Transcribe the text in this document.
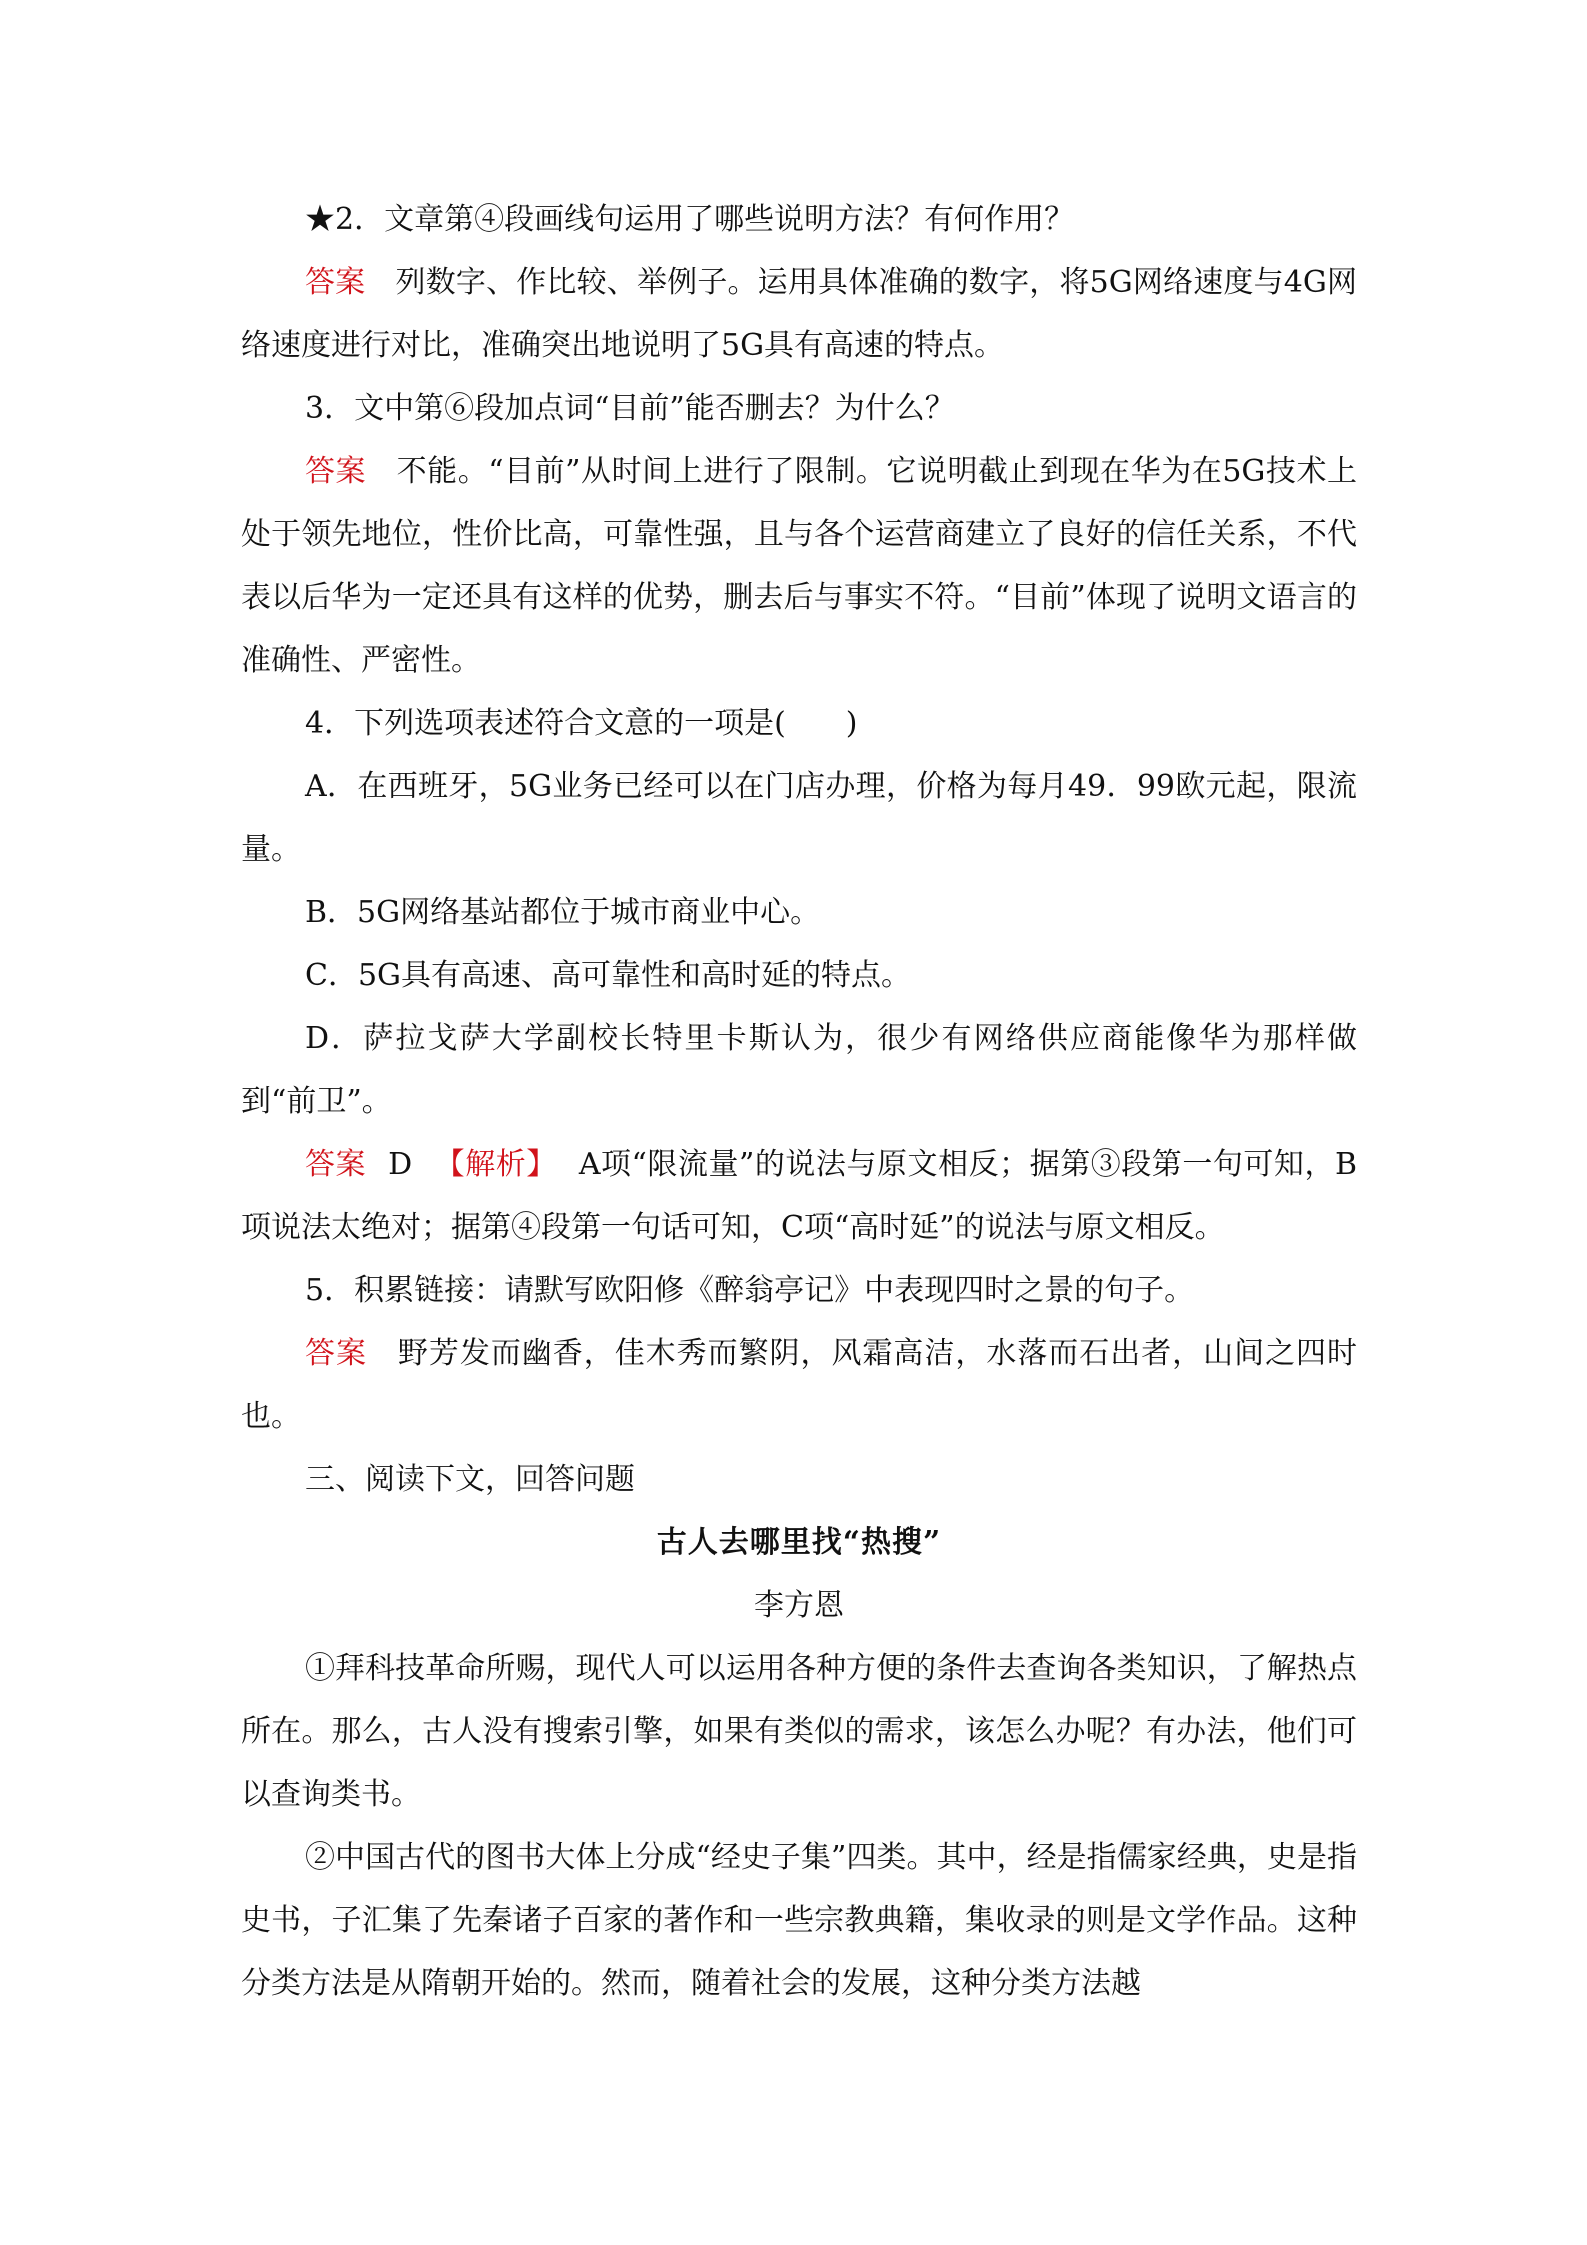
★2．文章第④段画线句运用了哪些说明方法？有何作用？

答案 列数字、作比较、举例子。运用具体准确的数字，将5G网络速度与4G网络速度进行对比，准确突出地说明了5G具有高速的特点。

3．文中第⑥段加点词“目前”能否删去？为什么？

答案 不能。“目前”从时间上进行了限制。它说明截止到现在华为在5G技术上处于领先地位，性价比高，可靠性强，且与各个运营商建立了良好的信任关系，不代表以后华为一定还具有这样的优势，删去后与事实不符。“目前”体现了说明文语言的准确性、严密性。

4．下列选项表述符合文意的一项是( )

A．在西班牙，5G业务已经可以在门店办理，价格为每月49．99欧元起，限流量。

B．5G网络基站都位于城市商业中心。

C．5G具有高速、高可靠性和高时延的特点。

D．萨拉戈萨大学副校长特里卡斯认为，很少有网络供应商能像华为那样做到“前卫”。

答案 D 【解析】 A项“限流量”的说法与原文相反；据第③段第一句可知，B项说法太绝对；据第④段第一句话可知，C项“高时延”的说法与原文相反。

5．积累链接：请默写欧阳修《醉翁亭记》中表现四时之景的句子。

答案 野芳发而幽香，佳木秀而繁阴，风霜高洁，水落而石出者，山间之四时也。

三、阅读下文，回答问题

古人去哪里找“热搜”

李方恩

①拜科技革命所赐，现代人可以运用各种方便的条件去查询各类知识，了解热点所在。那么，古人没有搜索引擎，如果有类似的需求，该怎么办呢？有办法，他们可以查询类书。

②中国古代的图书大体上分成“经史子集”四类。其中，经是指儒家经典，史是指史书，子汇集了先秦诸子百家的著作和一些宗教典籍，集收录的则是文学作品。这种分类方法是从隋朝开始的。然而，随着社会的发展，这种分类方法越
